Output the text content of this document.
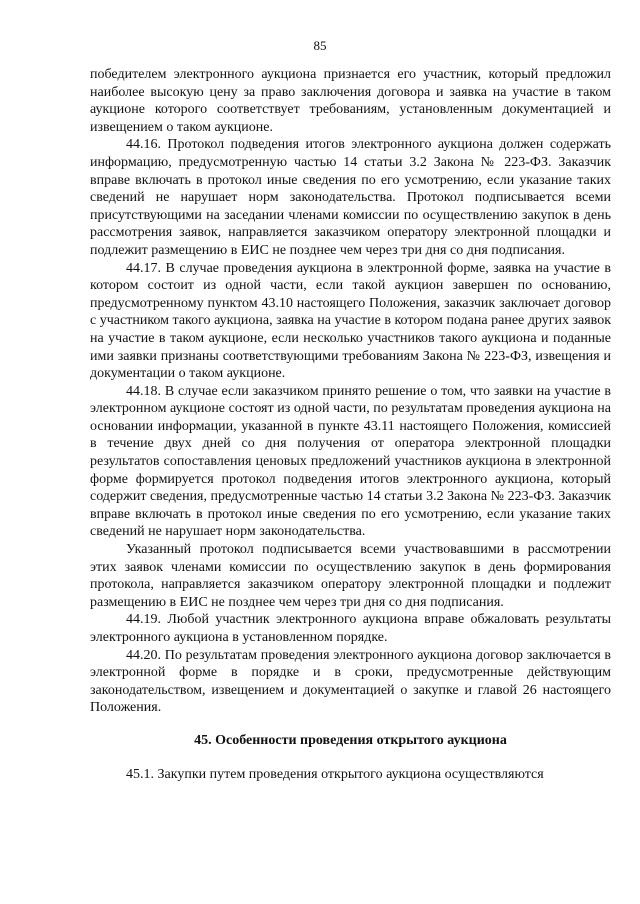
85

победителем электронного аукциона признается его участник, который предложил наиболее высокую цену за право заключения договора и заявка на участие в таком аукционе которого соответствует требованиям, установленным документацией и извещением о таком аукционе.

44.16. Протокол подведения итогов электронного аукциона должен содержать информацию, предусмотренную частью 14 статьи 3.2 Закона № 223-ФЗ. Заказчик вправе включать в протокол иные сведения по его усмотрению, если указание таких сведений не нарушает норм законодательства. Протокол подписывается всеми присутствующими на заседании членами комиссии по осуществлению закупок в день рассмотрения заявок, направляется заказчиком оператору электронной площадки и подлежит размещению в ЕИС не позднее чем через три дня со дня подписания.

44.17. В случае проведения аукциона в электронной форме, заявка на участие в котором состоит из одной части, если такой аукцион завершен по основанию, предусмотренному пунктом 43.10 настоящего Положения, заказчик заключает договор с участником такого аукциона, заявка на участие в котором подана ранее других заявок на участие в таком аукционе, если несколько участников такого аукциона и поданные ими заявки признаны соответствующими требованиям Закона № 223-ФЗ, извещения и документации о таком аукционе.

44.18. В случае если заказчиком принято решение о том, что заявки на участие в электронном аукционе состоят из одной части, по результатам проведения аукциона на основании информации, указанной в пункте 43.11 настоящего Положения, комиссией в течение двух дней со дня получения от оператора электронной площадки результатов сопоставления ценовых предложений участников аукциона в электронной форме формируется протокол подведения итогов электронного аукциона, который содержит сведения, предусмотренные частью 14 статьи 3.2 Закона № 223-ФЗ. Заказчик вправе включать в протокол иные сведения по его усмотрению, если указание таких сведений не нарушает норм законодательства.

Указанный протокол подписывается всеми участвовавшими в рассмотрении этих заявок членами комиссии по осуществлению закупок в день формирования протокола, направляется заказчиком оператору электронной площадки и подлежит размещению в ЕИС не позднее чем через три дня со дня подписания.

44.19. Любой участник электронного аукциона вправе обжаловать результаты электронного аукциона в установленном порядке.

44.20. По результатам проведения электронного аукциона договор заключается в электронной форме в порядке и в сроки, предусмотренные действующим законодательством, извещением и документацией о закупке и главой 26 настоящего Положения.

45. Особенности проведения открытого аукциона

45.1. Закупки путем проведения открытого аукциона осуществляются
